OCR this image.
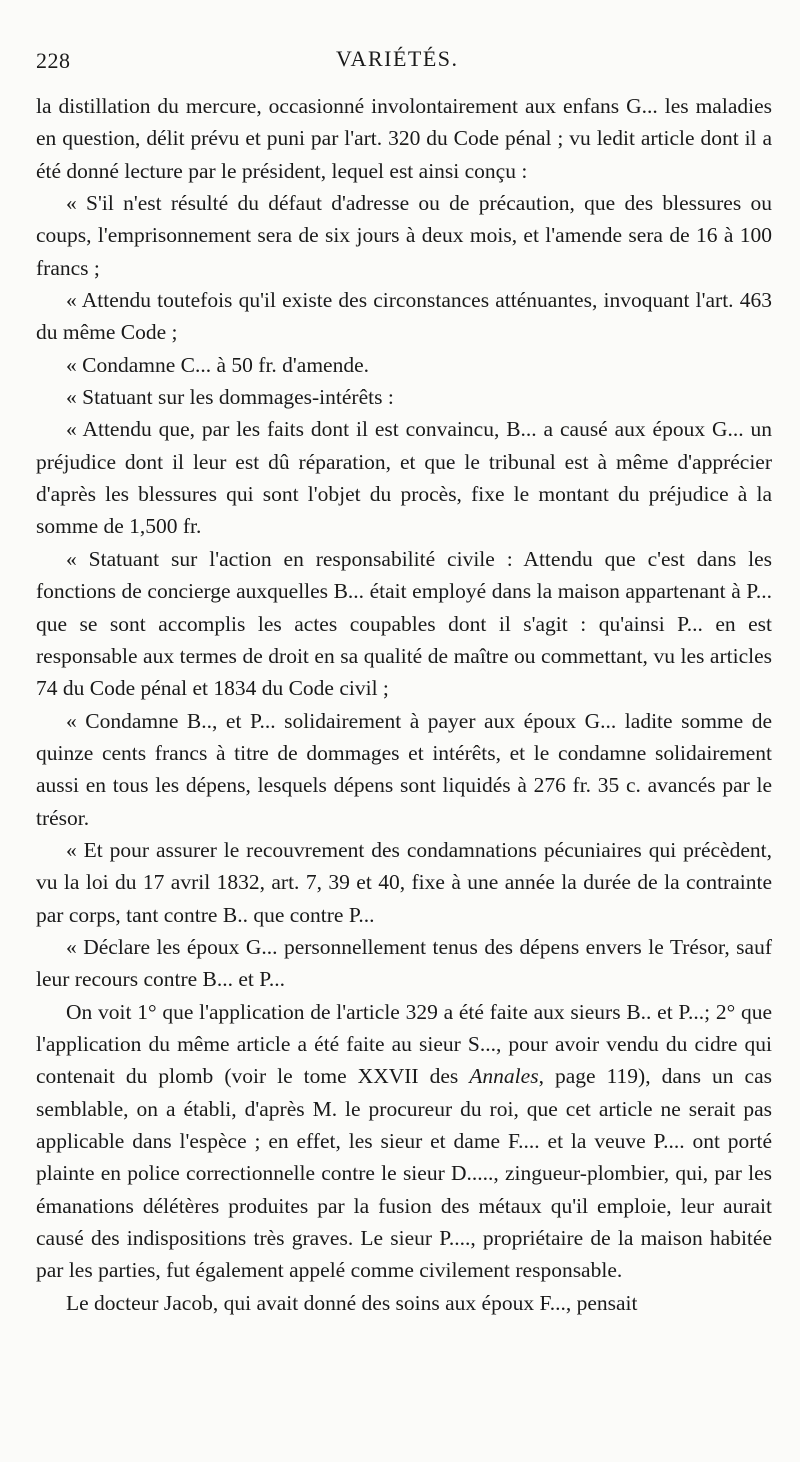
228	VARIÉTÉS.

la distillation du mercure, occasionné involontairement aux enfans G... les maladies en question, délit prévu et puni par l'art. 320 du Code pénal ; vu ledit article dont il a été donné lecture par le président, lequel est ainsi conçu :

« S'il n'est résulté du défaut d'adresse ou de précaution, que des blessures ou coups, l'emprisonnement sera de six jours à deux mois, et l'amende sera de 16 à 100 francs ;

« Attendu toutefois qu'il existe des circonstances atténuantes, invoquant l'art. 463 du même Code ;

« Condamne C... à 50 fr. d'amende.

« Statuant sur les dommages-intérêts :

« Attendu que, par les faits dont il est convaincu, B... a causé aux époux G... un préjudice dont il leur est dû réparation, et que le tribunal est à même d'apprécier d'après les blessures qui sont l'objet du procès, fixe le montant du préjudice à la somme de 1,500 fr.

« Statuant sur l'action en responsabilité civile : Attendu que c'est dans les fonctions de concierge auxquelles B... était employé dans la maison appartenant à P... que se sont accomplis les actes coupables dont il s'agit : qu'ainsi P... en est responsable aux termes de droit en sa qualité de maître ou commettant, vu les articles 74 du Code pénal et 1834 du Code civil ;

« Condamne B.., et P... solidairement à payer aux époux G... ladite somme de quinze cents francs à titre de dommages et intérêts, et le condamne solidairement aussi en tous les dépens, lesquels dépens sont liquidés à 276 fr. 35 c. avancés par le trésor.

« Et pour assurer le recouvrement des condamnations pécuniaires qui précèdent, vu la loi du 17 avril 1832, art. 7, 39 et 40, fixe à une année la durée de la contrainte par corps, tant contre B.. que contre P...

« Déclare les époux G... personnellement tenus des dépens envers le Trésor, sauf leur recours contre B... et P...

On voit 1° que l'application de l'article 329 a été faite aux sieurs B.. et P...; 2° que l'application du même article a été faite au sieur S..., pour avoir vendu du cidre qui contenait du plomb (voir le tome XXVII des Annales, page 119), dans un cas semblable, on a établi, d'après M. le procureur du roi, que cet article ne serait pas applicable dans l'espèce ; en effet, les sieur et dame F.... et la veuve P.... ont porté plainte en police correctionnelle contre le sieur D....., zingueur-plombier, qui, par les émanations délétères produites par la fusion des métaux qu'il emploie, leur aurait causé des indispositions très graves. Le sieur P...., propriétaire de la maison habitée par les parties, fut également appelé comme civilement responsable.

Le docteur Jacob, qui avait donné des soins aux époux F..., pensait
